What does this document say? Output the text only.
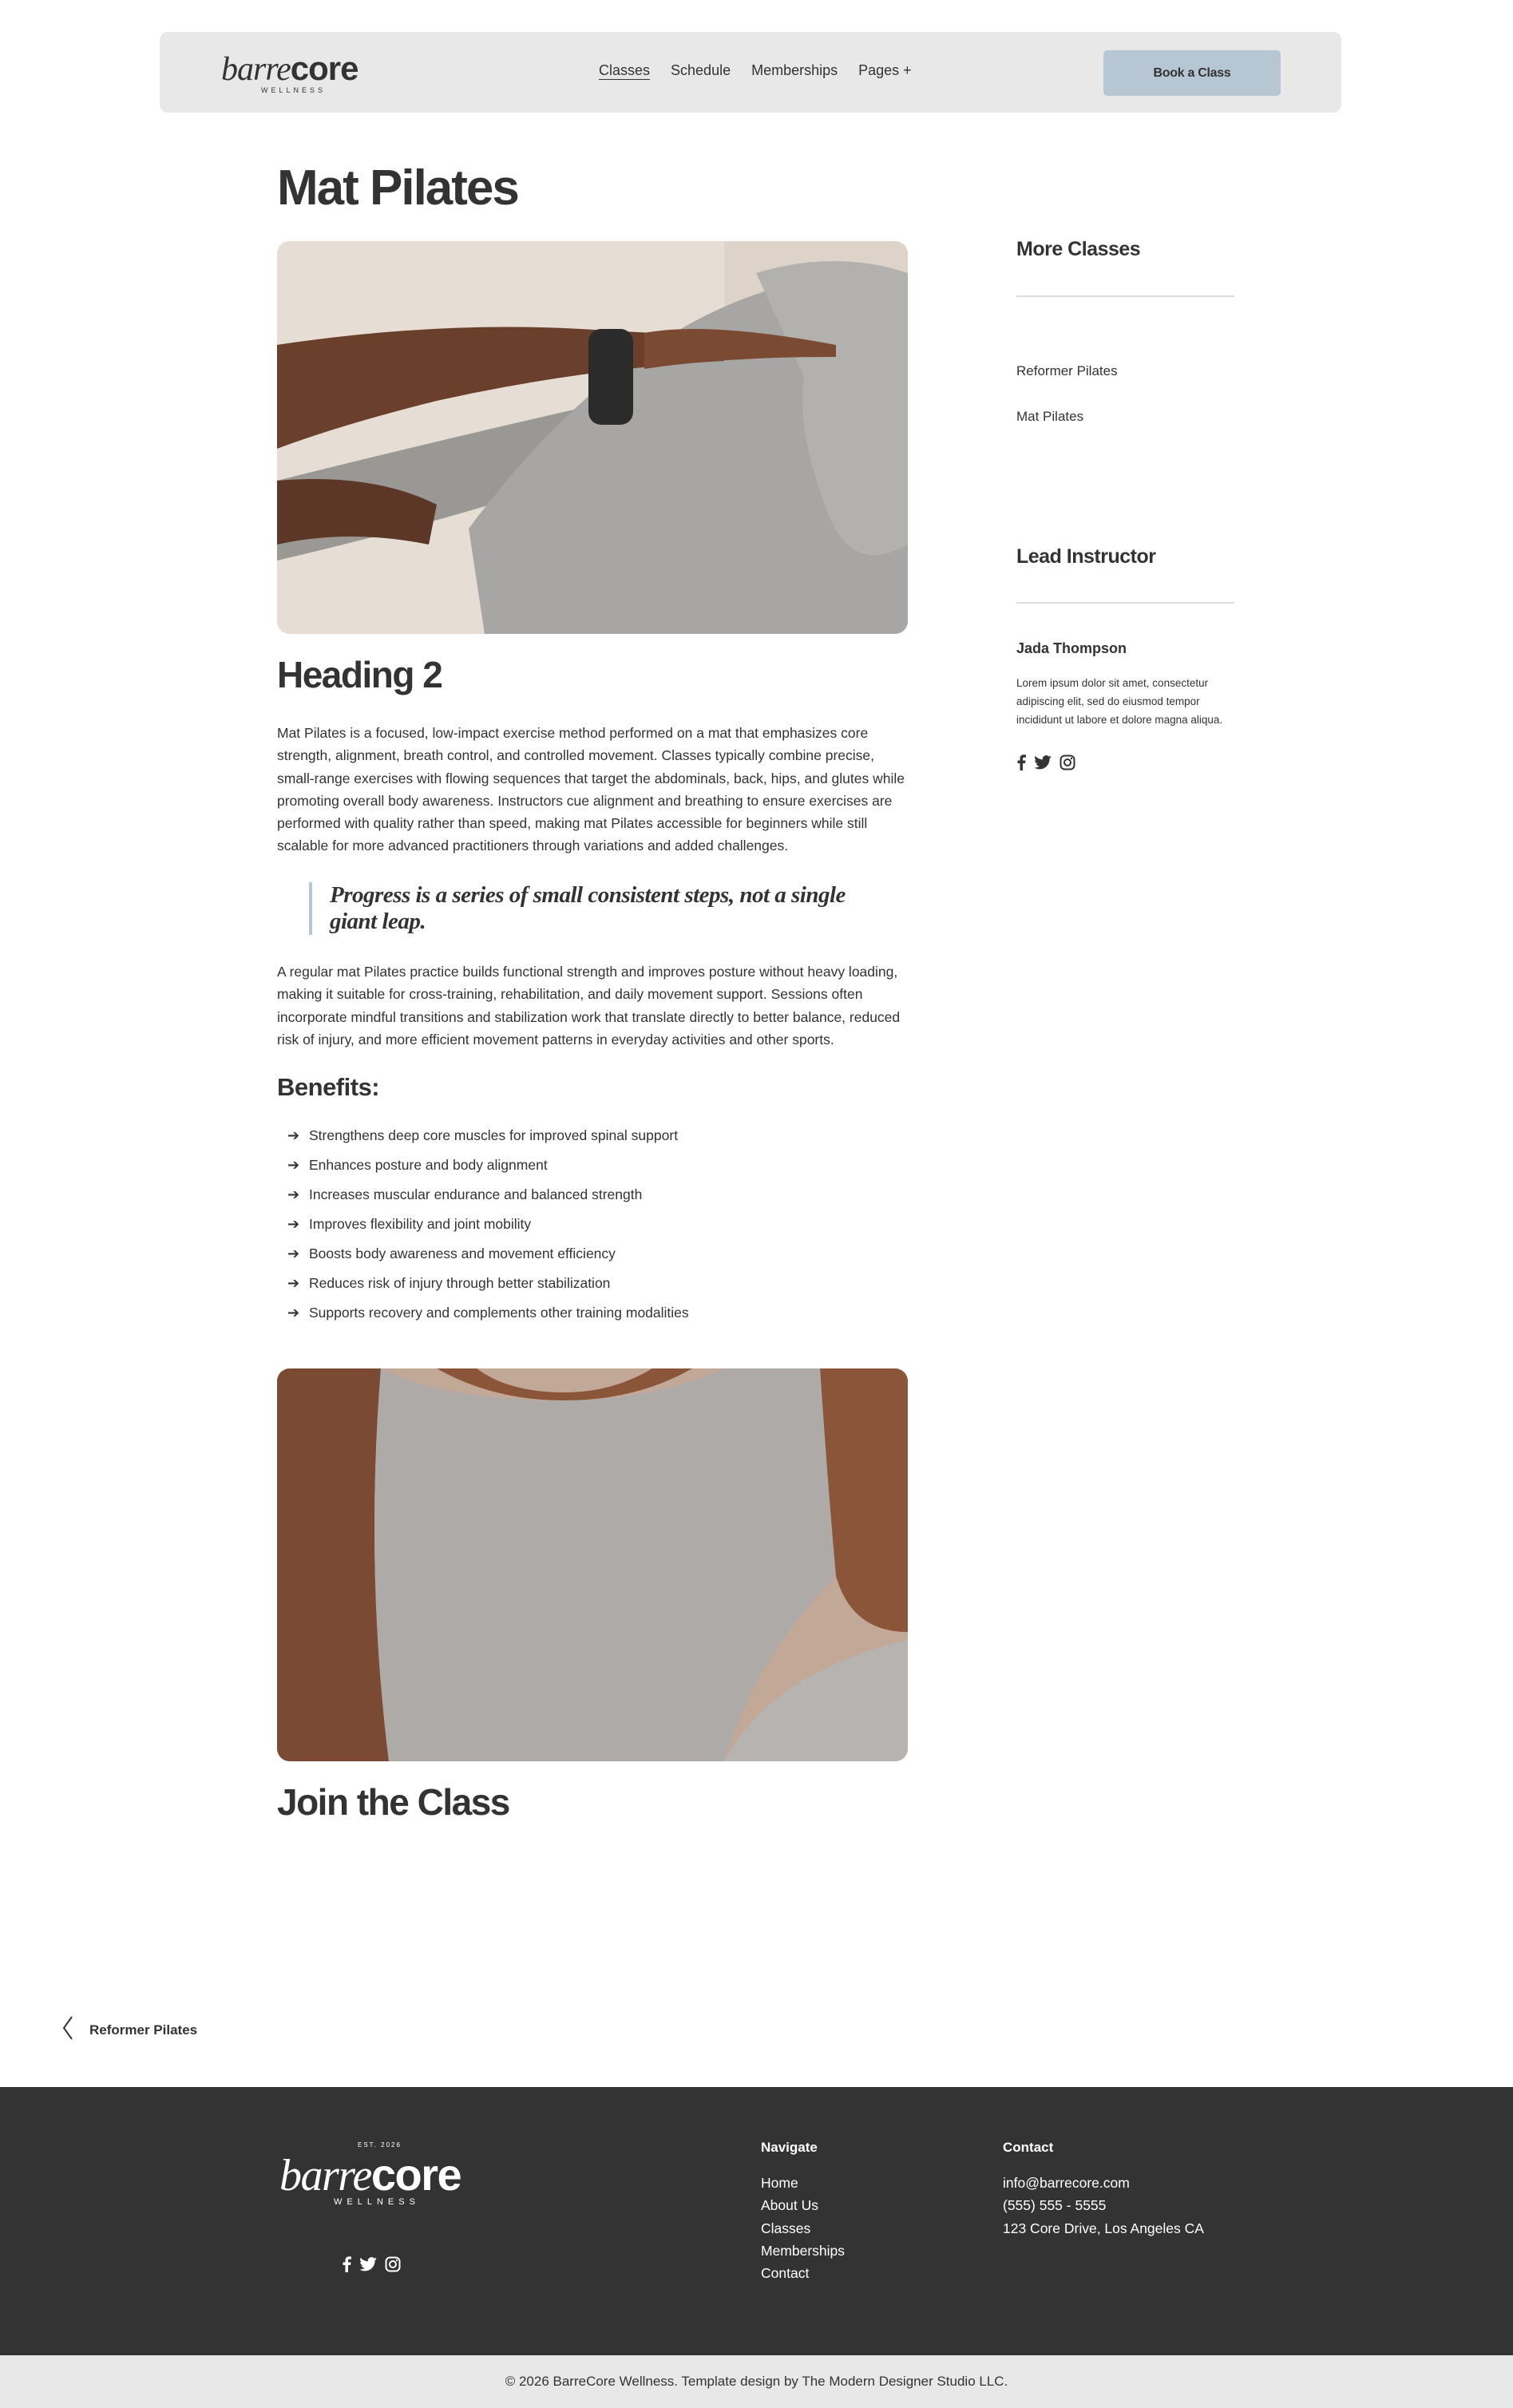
barrecore
WELLNESS
Classes Schedule Memberships Pages +	Book a Class
Mat Pilates
Heading 2

Mat Pilates is a focused, low-impact exercise method performed on a mat that emphasizes core strength, alignment, breath control, and controlled movement. Classes typically combine precise, small-range exercises with flowing sequences that target the abdominals, back, hips, and glutes while promoting overall body awareness. Instructors cue alignment and breathing to ensure exercises are performed with quality rather than speed, making mat Pilates accessible for beginners while still scalable for more advanced practitioners through variations and added challenges.

Progress is a series of small consistent steps, not a single giant leap.

A regular mat Pilates practice builds functional strength and improves posture without heavy loading, making it suitable for cross-training, rehabilitation, and daily movement support. Sessions often incorporate mindful transitions and stabilization work that translate directly to better balance, reduced risk of injury, and more efficient movement patterns in everyday activities and other sports.

Benefits:
➔ Strengthens deep core muscles for improved spinal support
➔ Enhances posture and body alignment
➔ Increases muscular endurance and balanced strength
➔ Improves flexibility and joint mobility
➔ Boosts body awareness and movement efficiency
➔ Reduces risk of injury through better stabilization
➔ Supports recovery and complements other training modalities
Join the Class
More Classes
Reformer Pilates
Mat Pilates
Lead Instructor
Jada Thompson

Lorem ipsum dolor sit amet, consectetur adipiscing elit, sed do eiusmod tempor incididunt ut labore et dolore magna aliqua.

Reformer Pilates
EST. 2026
barrecore
WELLNESS
Navigate
Home
About Us
Classes
Memberships
Contact
Contact
info@barrecore.com
(555) 555 - 5555
123 Core Drive, Los Angeles CA
© 2026 BarreCore Wellness. Template design by The Modern Designer Studio LLC.
